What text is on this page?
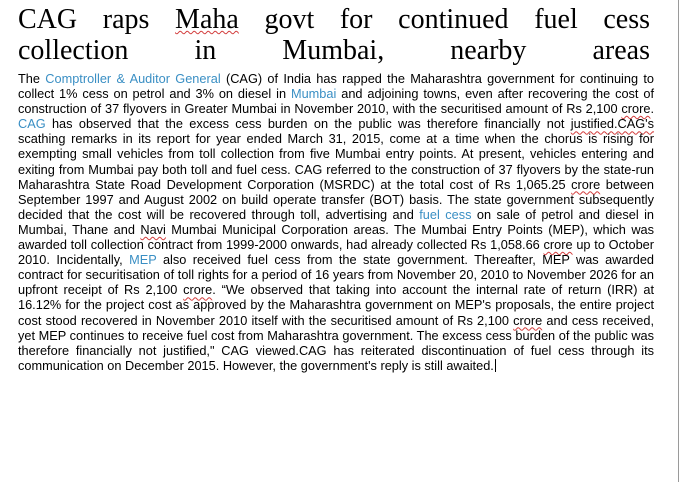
CAG raps Maha govt for continued fuel cess
collection in Mumbai, nearby areas

The Comptroller & Auditor General (CAG) of India has rapped the Maharashtra government for continuing to collect 1% cess on petrol and 3% on diesel in Mumbai and adjoining towns, even after recovering the cost of construction of 37 flyovers in Greater Mumbai in November 2010, with the securitised amount of Rs 2,100 crore. CAG has observed that the excess cess burden on the public was therefore financially not justified.CAG's scathing remarks in its report for year ended March 31, 2015, come at a time when the chorus is rising for exempting small vehicles from toll collection from five Mumbai entry points. At present, vehicles entering and exiting from Mumbai pay both toll and fuel cess. CAG referred to the construction of 37 flyovers by the state-run Maharashtra State Road Development Corporation (MSRDC) at the total cost of Rs 1,065.25 crore between September 1997 and August 2002 on build operate transfer (BOT) basis. The state government subsequently decided that the cost will be recovered through toll, advertising and fuel cess on sale of petrol and diesel in Mumbai, Thane and Navi Mumbai Municipal Corporation areas. The Mumbai Entry Points (MEP), which was awarded toll collection contract from 1999-2000 onwards, had already collected Rs 1,058.66 crore up to October 2010. Incidentally, MEP also received fuel cess from the state government. Thereafter, MEP was awarded contract for securitisation of toll rights for a period of 16 years from November 20, 2010 to November 2026 for an upfront receipt of Rs 2,100 crore. “We observed that taking into account the internal rate of return (IRR) at 16.12% for the project cost as approved by the Maharashtra government on MEP's proposals, the entire project cost stood recovered in November 2010 itself with the securitised amount of Rs 2,100 crore and cess received, yet MEP continues to receive fuel cost from Maharashtra government. The excess cess burden of the public was therefore financially not justified," CAG viewed.CAG has reiterated discontinuation of fuel cess through its communication on December 2015. However, the government's reply is still awaited.
